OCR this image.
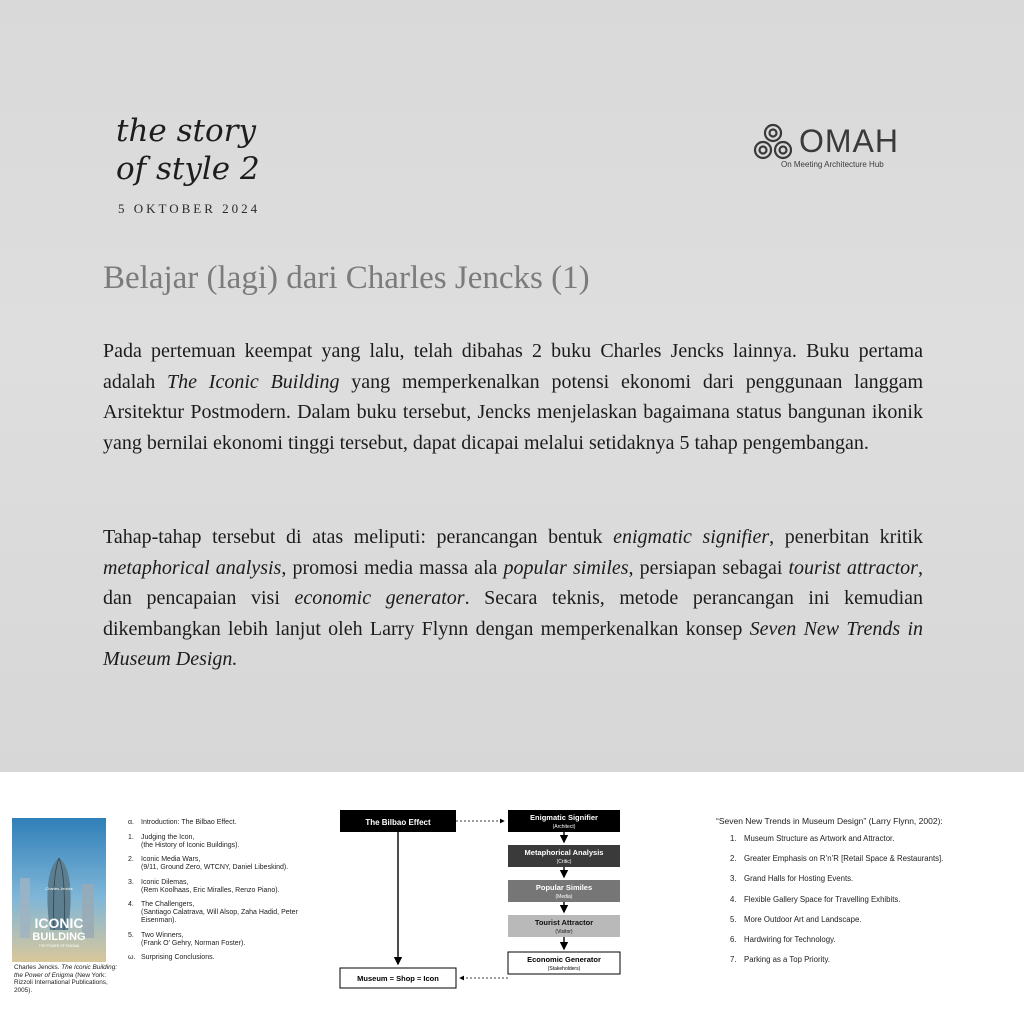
the story
of style 2
5 OKTOBER 2024
OMAH
On Meeting Architecture Hub
Belajar (lagi) dari Charles Jencks (1)

Pada pertemuan keempat yang lalu, telah dibahas 2 buku Charles Jencks lainnya. Buku pertama adalah The Iconic Building yang memperkenalkan potensi ekonomi dari penggunaan langgam Arsitektur Postmodern. Dalam buku tersebut, Jencks menjelaskan bagaimana status bangunan ikonik yang bernilai ekonomi tinggi tersebut, dapat dicapai melalui setidaknya 5 tahap pengembangan.

Tahap-tahap tersebut di atas meliputi: perancangan bentuk enigmatic signifier, penerbitan kritik metaphorical analysis, promosi media massa ala popular similes, persiapan sebagai tourist attractor, dan pencapaian visi economic generator. Secara teknis, metode perancangan ini kemudian dikembangkan lebih lanjut oleh Larry Flynn dengan memperkenalkan konsep Seven New Trends in Museum Design.

Charles Jencks
ICONIC
BUILDING
THE POWER OF ENIGMA
Charles Jencks. The Iconic Building: the Power of Enigma (New York: Rizzoli International Publications, 2005).
α.	Introduction: The Bilbao Effect.
1.	Judging the Icon,
(the History of Iconic Buildings).
2.	Iconic Media Wars,
(9/11, Ground Zero, WTCNY, Daniel Libeskind).
3.	Iconic Dilemas,
(Rem Koolhaas, Eric Miralles, Renzo Piano).
4.	The Challengers,
(Santiago Calatrava, Will Alsop, Zaha Hadid, Peter Eisenman).
5.	Two Winners,
(Frank O' Gehry, Norman Foster).
ω. Surprising Conclusions.
The Bilbao Effect
Museum = Shop = Icon
Enigmatic Signifier
(Architect)
Metaphorical Analysis
(Critic)
Popular Similes
(Media)
Tourist Attractor
(Visitor)
Economic Generator
(Stakeholders)

“Seven New Trends in Museum Design” (Larry Flynn, 2002):

1. Museum Structure as Artwork and Attractor.
2. Greater Emphasis on R’n’R [Retail Space & Restaurants].
3. Grand Halls for Hosting Events.
4. Flexible Gallery Space for Travelling Exhibits.
5. More Outdoor Art and Landscape.
6. Hardwiring for Technology.
7. Parking as a Top Priority.
